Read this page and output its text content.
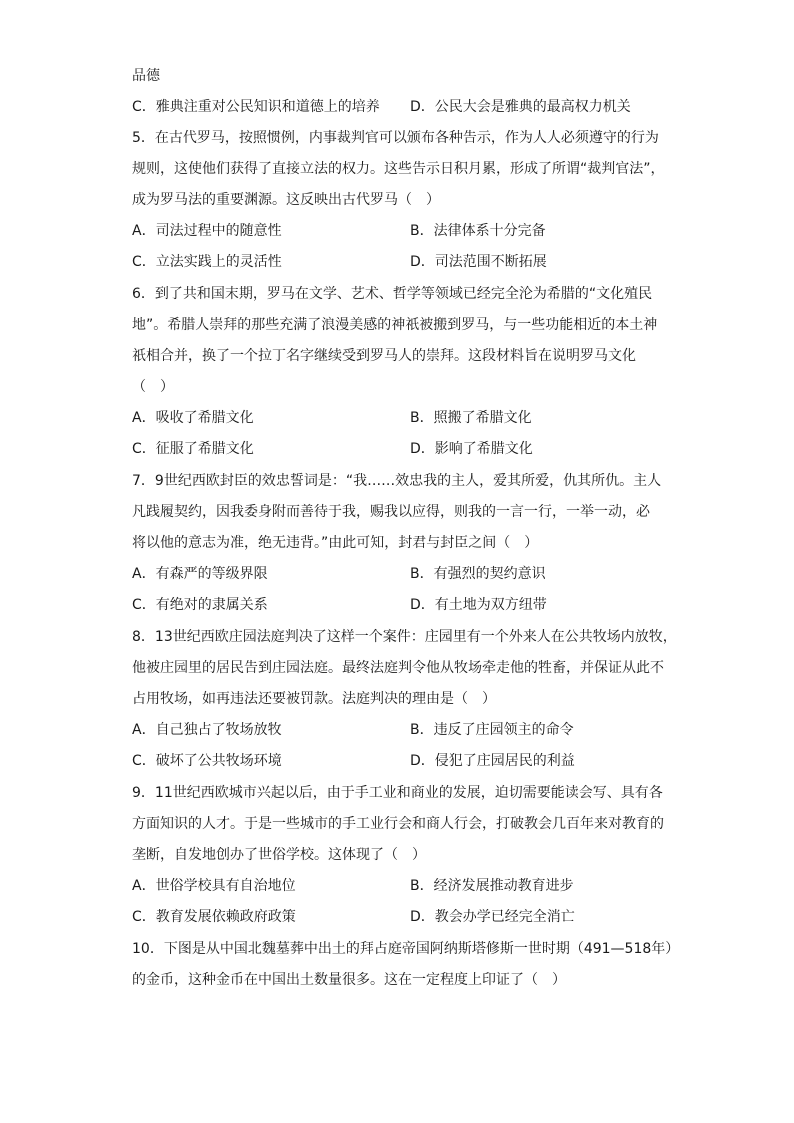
品德
C．雅典注重对公民知识和道德上的培养 D．公民大会是雅典的最高权力机关
5．在古代罗马，按照惯例，内事裁判官可以颁布各种告示，作为人人必须遵守的行为
规则，这使他们获得了直接立法的权力。这些告示日积月累，形成了所谓“裁判官法”，
成为罗马法的重要渊源。这反映出古代罗马（　）
A．司法过程中的随意性	B．法律体系十分完备
C．立法实践上的灵活性	D．司法范围不断拓展
6．到了共和国末期，罗马在文学、艺术、哲学等领域已经完全沦为希腊的“文化殖民
地”。希腊人崇拜的那些充满了浪漫美感的神祇被搬到罗马，与一些功能相近的本土神
祇相合并，换了一个拉丁名字继续受到罗马人的崇拜。这段材料旨在说明罗马文化
（　）
A．吸收了希腊文化	B．照搬了希腊文化
C．征服了希腊文化	D．影响了希腊文化
7．9世纪西欧封臣的效忠誓词是：“我……效忠我的主人，爱其所爱，仇其所仇。主人
凡践履契约，因我委身附而善待于我，赐我以应得，则我的一言一行，一举一动，必
将以他的意志为准，绝无违背。”由此可知，封君与封臣之间（　）
A．有森严的等级界限	B．有强烈的契约意识
C．有绝对的隶属关系	D．有土地为双方纽带
8．13世纪西欧庄园法庭判决了这样一个案件：庄园里有一个外来人在公共牧场内放牧，
他被庄园里的居民告到庄园法庭。最终法庭判令他从牧场牵走他的牲畜，并保证从此不
占用牧场，如再违法还要被罚款。法庭判决的理由是（　）
A．自己独占了牧场放牧	B．违反了庄园领主的命令
C．破坏了公共牧场环境	D．侵犯了庄园居民的利益
9．11世纪西欧城市兴起以后，由于手工业和商业的发展，迫切需要能读会写、具有各
方面知识的人才。于是一些城市的手工业行会和商人行会，打破教会几百年来对教育的
垄断，自发地创办了世俗学校。这体现了（　）
A．世俗学校具有自治地位	B．经济发展推动教育进步
C．教育发展依赖政府政策	D．教会办学已经完全消亡
10．下图是从中国北魏墓葬中出土的拜占庭帝国阿纳斯塔修斯一世时期（491—518年）
的金币，这种金币在中国出土数量很多。这在一定程度上印证了（　）
